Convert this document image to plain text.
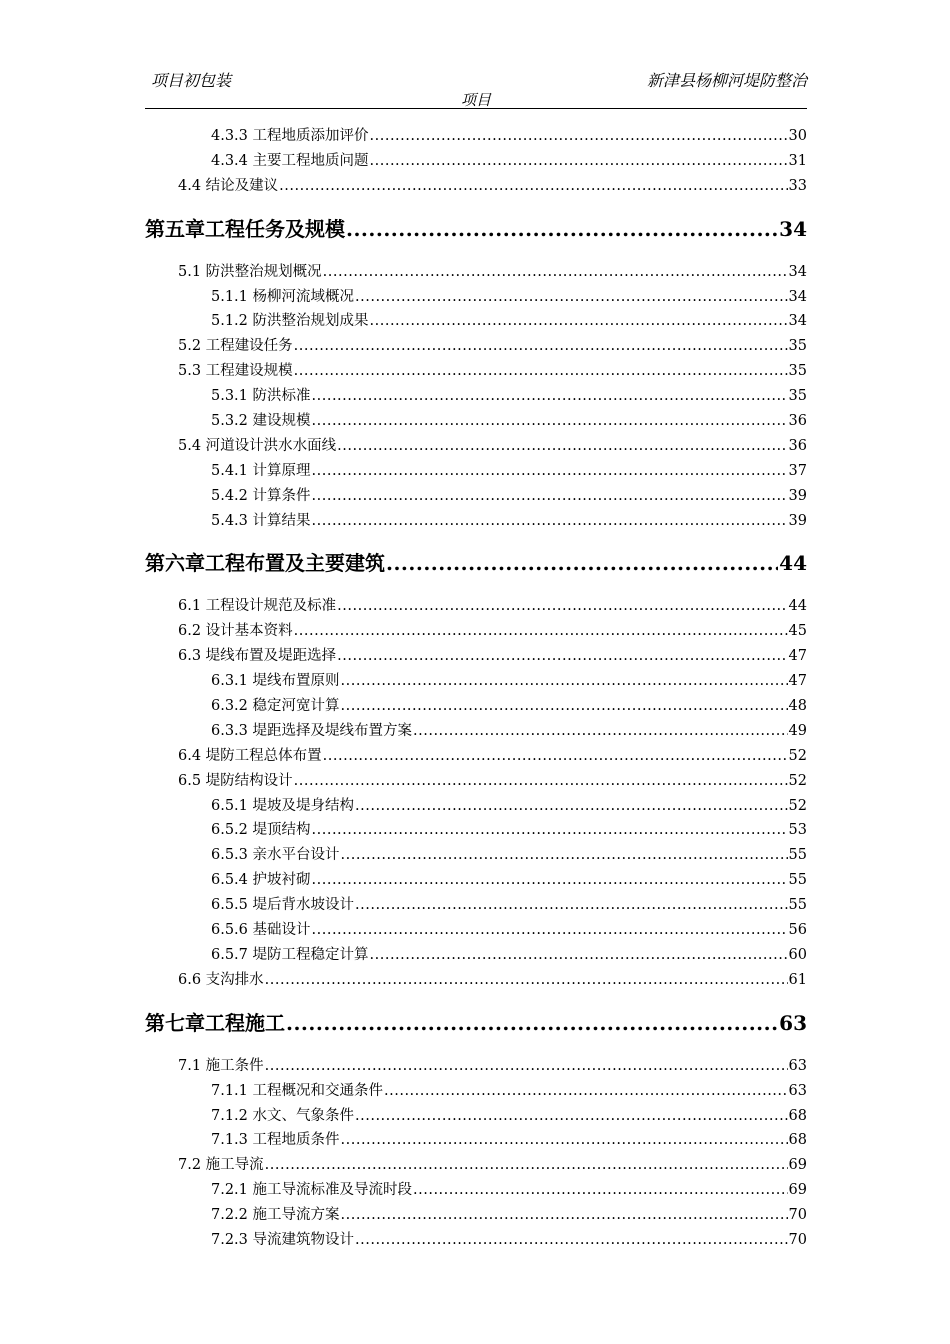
项目初包装	新津县杨柳河堤防整治
项目
4.3.3 工程地质添加评价 .....	30
4.3.4 主要工程地质问题 .....	31
4.4 结论及建议 .....	33
第五章工程任务及规模 .....	34
5.1 防洪整治规划概况 .....	34
5.1.1 杨柳河流域概况 .....	34
5.1.2 防洪整治规划成果 .....	34
5.2 工程建设任务 .....	35
5.3 工程建设规模 .....	35
5.3.1 防洪标准 .....	35
5.3.2 建设规模 .....	36
5.4 河道设计洪水水面线 .....	36
5.4.1 计算原理 .....	37
5.4.2 计算条件 .....	39
5.4.3 计算结果 .....	39
第六章工程布置及主要建筑 .....	44
6.1 工程设计规范及标准 .....	44
6.2 设计基本资料 .....	45
6.3 堤线布置及堤距选择 .....	47
6.3.1 堤线布置原则 .....	47
6.3.2 稳定河宽计算 .....	48
6.3.3 堤距选择及堤线布置方案 .....	49
6.4 堤防工程总体布置 .....	52
6.5 堤防结构设计 .....	52
6.5.1 堤坡及堤身结构 .....	52
6.5.2 堤顶结构 .....	53
6.5.3 亲水平台设计 .....	55
6.5.4 护坡衬砌 .....	55
6.5.5 堤后背水坡设计 .....	55
6.5.6 基础设计 .....	56
6.5.7 堤防工程稳定计算 .....	60
6.6 支沟排水 .....	61
第七章工程施工 .....	63
7.1 施工条件 .....	63
7.1.1 工程概况和交通条件 .....	63
7.1.2 水文、气象条件 .....	68
7.1.3 工程地质条件 .....	68
7.2 施工导流 .....	69
7.2.1 施工导流标准及导流时段 .....	69
7.2.2 施工导流方案 .....	70
7.2.3 导流建筑物设计 .....	70
